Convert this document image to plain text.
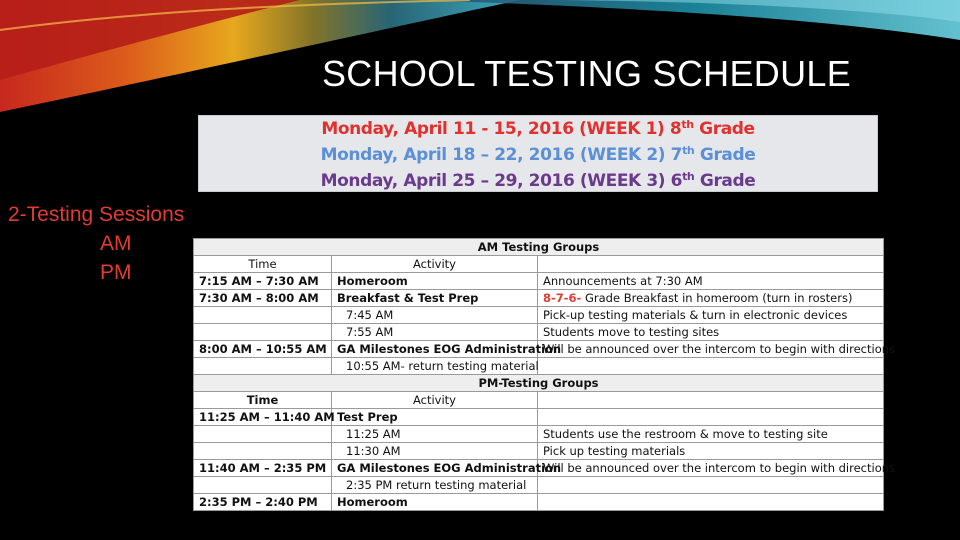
SCHOOL TESTING SCHEDULE
Monday, April 11 - 15, 2016 (WEEK 1) 8th Grade
Monday, April 18 – 22, 2016 (WEEK 2) 7th Grade
Monday, April 25 – 29, 2016 (WEEK 3) 6th Grade
2-Testing Sessions
AM
PM
AM Testing Groups		
Time	Activity	
7:15 AM – 7:30 AM	Homeroom	Announcements at 7:30 AM
7:30 AM – 8:00 AM	Breakfast & Test Prep	8-7-6- Grade Breakfast in homeroom (turn in rosters)
	7:45 AM	Pick-up testing materials & turn in electronic devices
	7:55 AM	Students move to testing sites
8:00 AM – 10:55 AM	GA Milestones EOG Administration	Will be announced over the intercom to begin with directions
	10:55 AM- return testing material	
PM-Testing Groups		
Time	Activity	
11:25 AM – 11:40 AM	Test Prep	
	11:25 AM	Students use the restroom & move to testing site
	11:30 AM	Pick up testing materials
11:40 AM – 2:35 PM	GA Milestones EOG Administration	Will be announced over the intercom to begin with directions
	2:35 PM return testing material	
2:35 PM – 2:40 PM	Homeroom	
